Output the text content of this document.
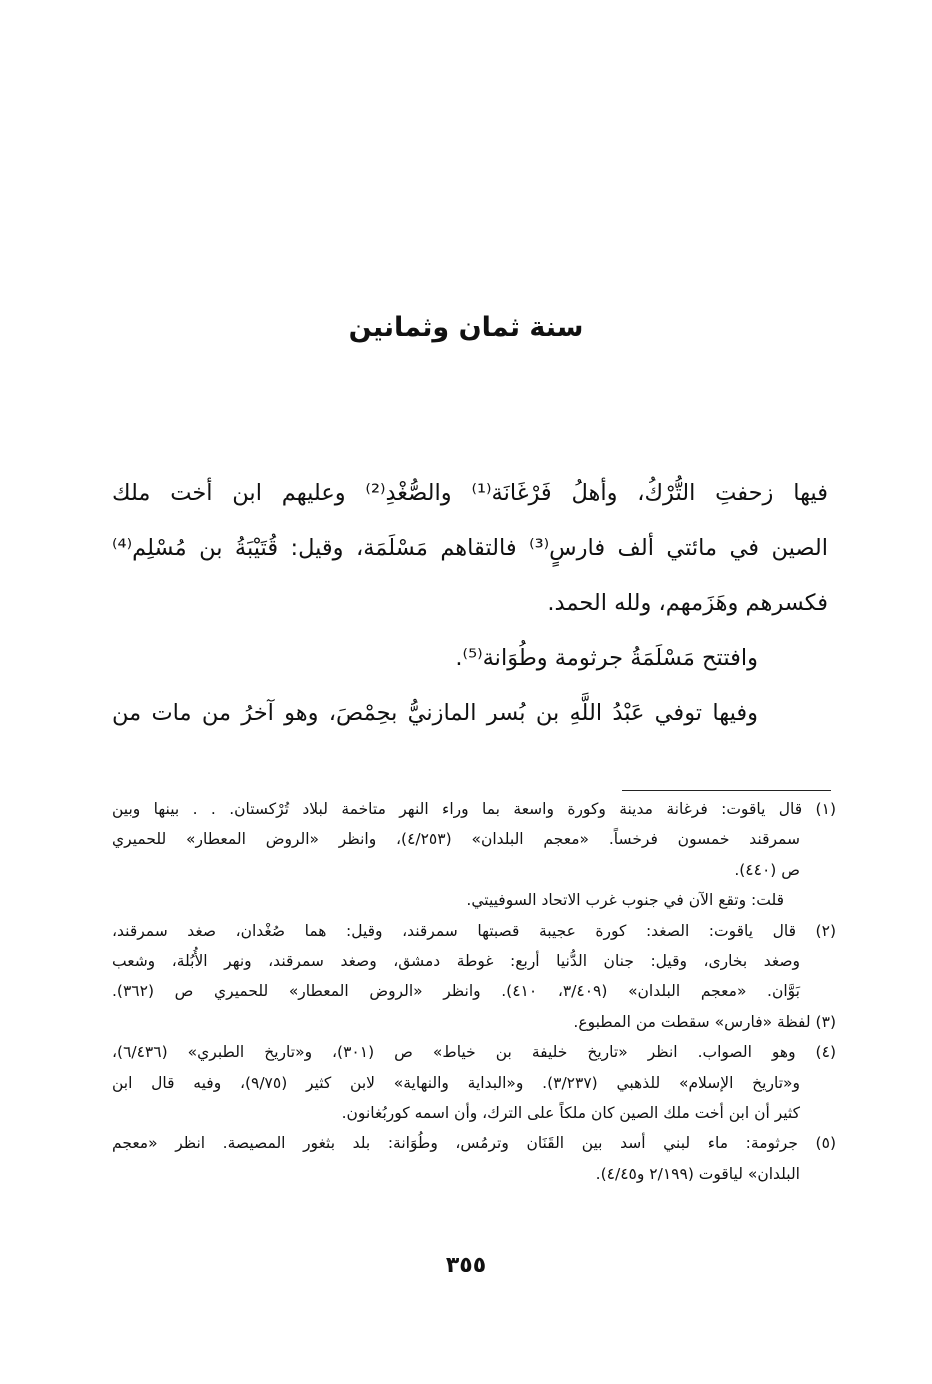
سنة ثمان وثمانين
فيها زحفتِ التُّرْكُ، وأهلُ فَرْغَانَة⁽¹⁾ والصُّغْدِ⁽²⁾ وعليهم ابن أخت ملك
الصين في مائتي ألف فارسٍ⁽³⁾ فالتقاهم مَسْلَمَة، وقيل: قُتَيْبَةُ بن مُسْلِم⁽⁴⁾
فكسرهم وهَزَمهم، ولله الحمد.
وافتتح مَسْلَمَةُ جرثومة وطُوَانة⁽⁵⁾.
وفيها توفي عَبْدُ اللَّهِ بن بُسر المازنيُّ بحِمْصَ، وهو آخرُ من مات من
(١) قال ياقوت: فرغانة مدينة وكورة واسعة بما وراء النهر متاخمة لبلاد تُرْكستان. . . بينها وبين
سمرقند خمسون فرخساً. «معجم البلدان» (٤/٢٥٣)، وانظر «الروض المعطار» للحميري
ص (٤٤٠).
قلت: وتقع الآن في جنوب غرب الاتحاد السوفييتي.
(٢) قال ياقوت: الصغد: كورة عجيبة قصبتها سمرقند، وقيل: هما صُغْدان، صغد سمرقند،
وصغد بخارى، وقيل: جنان الدُّنيا أربع: غوطة دمشق، وصغد سمرقند، ونهر الأُبُلة، وشعب
بَوَّان. «معجم البلدان» (٣/٤٠٩، ٤١٠). وانظر «الروض المعطار» للحميري ص (٣٦٢).
(٣) لفظة «فارس» سقطت من المطبوع.
(٤) وهو الصواب. انظر «تاريخ خليفة بن خياط» ص (٣٠١)، و«تاريخ الطبري» (٦/٤٣٦)،
و«تاريخ الإسلام» للذهبي (٣/٢٣٧). و«البداية والنهاية» لابن كثير (٩/٧٥)، وفيه قال ابن
كثير أن ابن أخت ملك الصين كان ملكاً على الترك، وأن اسمه كوربُغانون.
(٥) جرثومة: ماء لبني أسد بين القَنَان وترمُس، وطُوَانة: بلد بثغور المصيصة. انظر «معجم
البلدان» لياقوت (٢/١٩٩ و٤/٤٥).
٣٥٥
